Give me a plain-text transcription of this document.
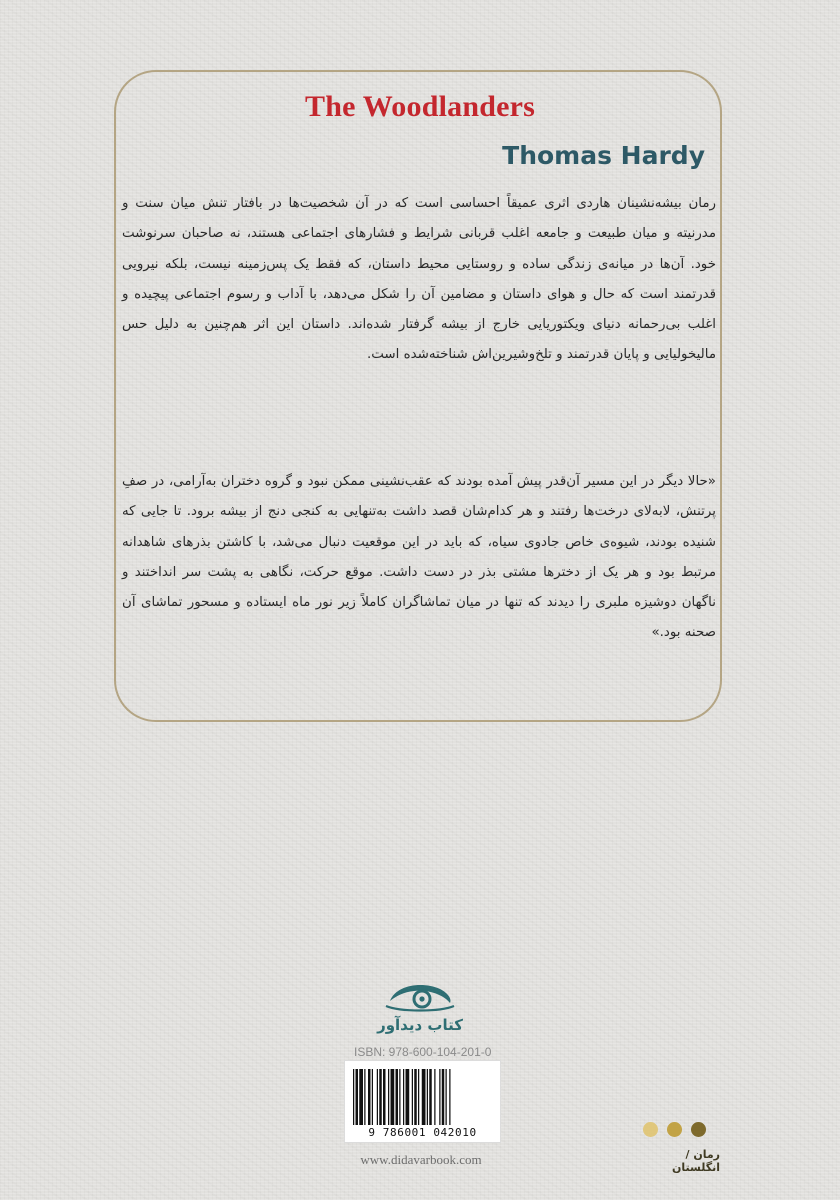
The Woodlanders
Thomas Hardy
رمان بیشه‌نشینان هاردی اثری عمیقاً احساسی است که در آن شخصیت‌ها در بافتار تنش میان سنت و مدرنیته و میان طبیعت و جامعه اغلب قربانی شرایط و فشارهای اجتماعی هستند، نه صاحبان سرنوشت خود. آن‌ها در میانه‌ی زندگی ساده و روستایی محیط داستان، که فقط یک پس‌زمینه نیست، بلکه نیرویی قدرتمند است که حال و هوای داستان و مضامین آن را شکل می‌دهد، با آداب و رسوم اجتماعی پیچیده و اغلب بی‌رحمانه دنیای ویکتوریایی خارج از بیشه گرفتار شده‌اند. داستان این اثر هم‌چنین به دلیل حس مالیخولیایی و پایان قدرتمند و تلخ‌وشیرین‌اش شناخته‌شده است.
«حالا دیگر در این مسیر آن‌قدر پیش آمده بودند که عقب‌نشینی ممکن نبود و گروه دختران به‌آرامی، در صفِ پرتنش، لابه‌لای درخت‌ها رفتند و هر کدام‌شان قصد داشت به‌تنهایی به کنجی دنج از بیشه برود. تا جایی که شنیده بودند، شیوه‌ی خاص جادوی سیاه، که باید در این موقعیت دنبال می‌شد، با کاشتن بذرهای شاهدانه مرتبط بود و هر یک از دخترها مشتی بذر در دست داشت. موقع حرکت، نگاهی به پشت سر انداختند و ناگهان دوشیزه ملبری را دیدند که تنها در میان تماشاگران کاملاً زیر نور ماه ایستاده و مسحور تماشای آن صحنه بود.»
کتاب دیدآور
ISBN: 978-600-104-201-0
9 786001 042010
www.didavarbook.com	رمان / انگلستان
